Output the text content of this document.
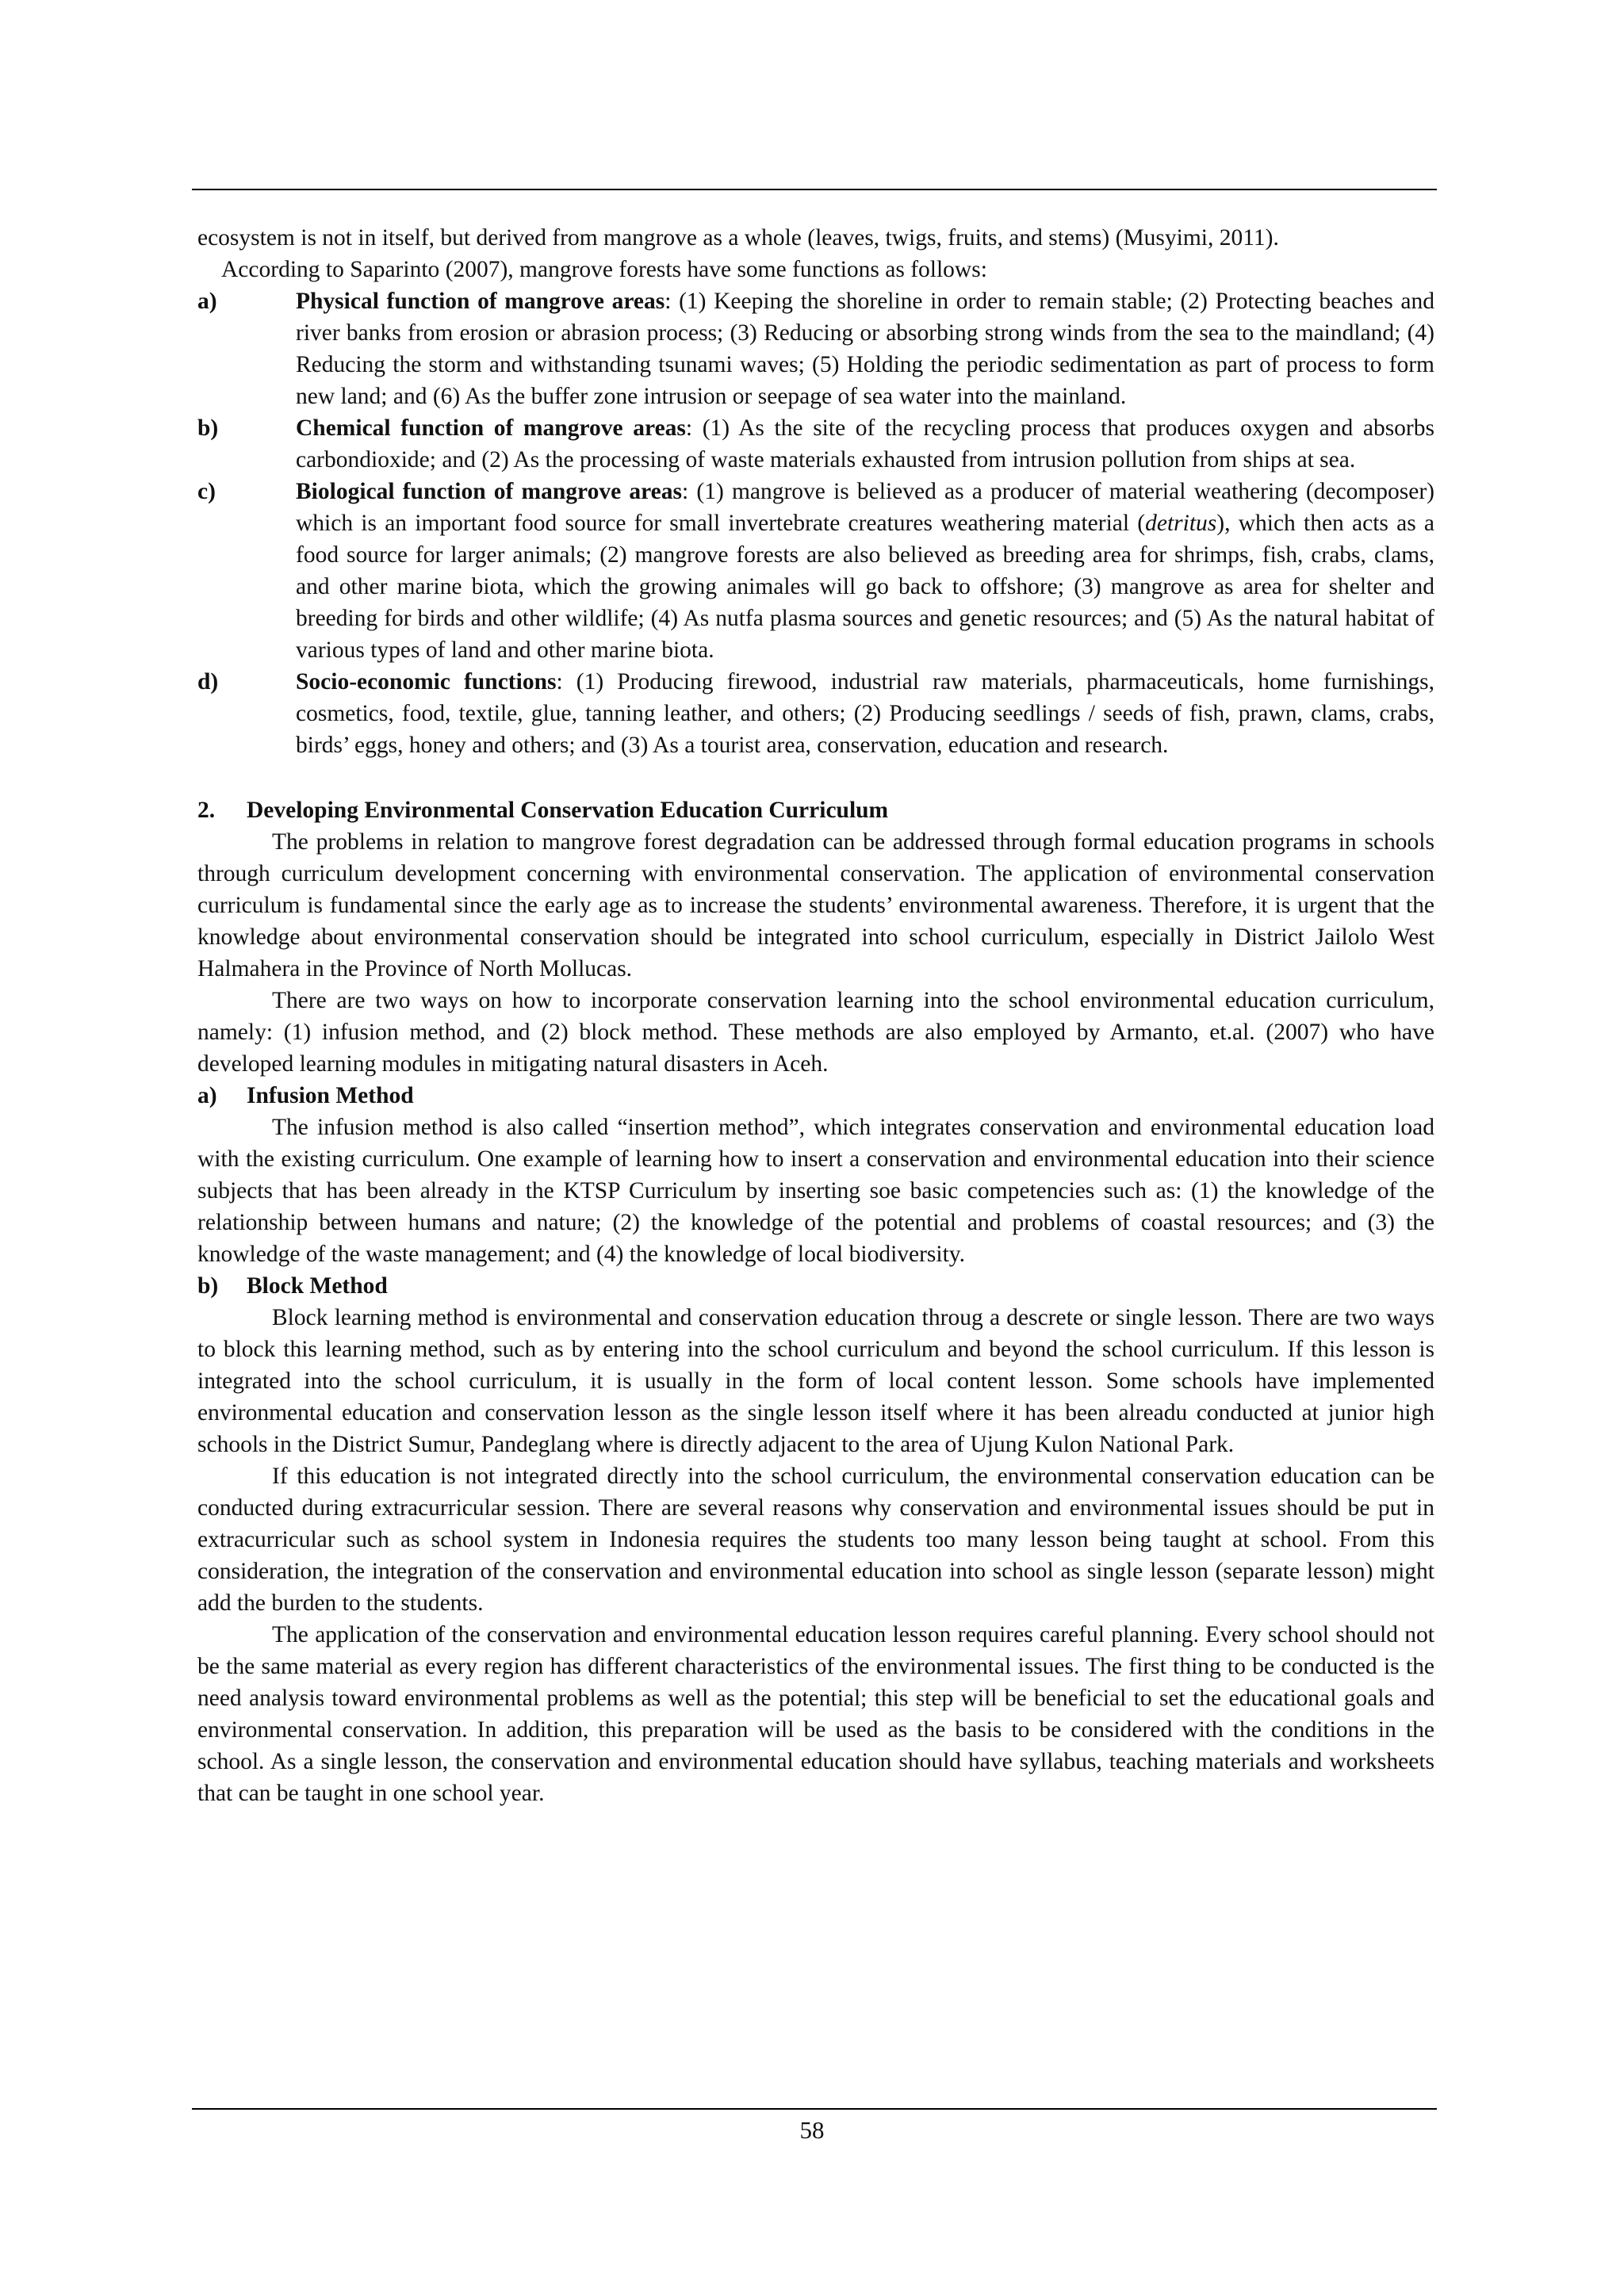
ecosystem is not in itself, but derived from mangrove as a whole (leaves, twigs, fruits, and stems) (Musyimi, 2011).

According to Saparinto (2007), mangrove forests have some functions as follows:

a)	Physical function of mangrove areas: (1) Keeping the shoreline in order to remain stable; (2) Protecting beaches and river banks from erosion or abrasion process; (3) Reducing or absorbing strong winds from the sea to the maindland; (4) Reducing the storm and withstanding tsunami waves; (5) Holding the periodic sedimentation as part of process to form new land; and (6) As the buffer zone intrusion or seepage of sea water into the mainland.
b)	Chemical function of mangrove areas: (1) As the site of the recycling process that produces oxygen and absorbs carbondioxide; and (2) As the processing of waste materials exhausted from intrusion pollution from ships at sea.
c)	Biological function of mangrove areas: (1) mangrove is believed as a producer of material weathering (decomposer) which is an important food source for small invertebrate creatures weathering material (detritus), which then acts as a food source for larger animals; (2) mangrove forests are also believed as breeding area for shrimps, fish, crabs, clams, and other marine biota, which the growing animales will go back to offshore; (3) mangrove as area for shelter and breeding for birds and other wildlife; (4) As nutfa plasma sources and genetic resources; and (5) As the natural habitat of various types of land and other marine biota.
d)	Socio-economic functions: (1) Producing firewood, industrial raw materials, pharmaceuticals, home furnishings, cosmetics, food, textile, glue, tanning leather, and others; (2) Producing seedlings / seeds of fish, prawn, clams, crabs, birds’ eggs, honey and others; and (3) As a tourist area, conservation, education and research.
2. Developing Environmental Conservation Education Curriculum

The problems in relation to mangrove forest degradation can be addressed through formal education programs in schools through curriculum development concerning with environmental conservation. The application of environmental conservation curriculum is fundamental since the early age as to increase the students’ environmental awareness. Therefore, it is urgent that the knowledge about environmental conservation should be integrated into school curriculum, especially in District Jailolo West Halmahera in the Province of North Mollucas.

There are two ways on how to incorporate conservation learning into the school environmental education curriculum, namely: (1) infusion method, and (2) block method. These methods are also employed by Armanto, et.al. (2007) who have developed learning modules in mitigating natural disasters in Aceh.

a) Infusion Method

The infusion method is also called “insertion method”, which integrates conservation and environmental education load with the existing curriculum. One example of learning how to insert a conservation and environmental education into their science subjects that has been already in the KTSP Curriculum by inserting soe basic competencies such as: (1) the knowledge of the relationship between humans and nature; (2) the knowledge of the potential and problems of coastal resources; and (3) the knowledge of the waste management; and (4) the knowledge of local biodiversity.

b) Block Method

Block learning method is environmental and conservation education throug a descrete or single lesson. There are two ways to block this learning method, such as by entering into the school curriculum and beyond the school curriculum. If this lesson is integrated into the school curriculum, it is usually in the form of local content lesson. Some schools have implemented environmental education and conservation lesson as the single lesson itself where it has been alreadu conducted at junior high schools in the District Sumur, Pandeglang where is directly adjacent to the area of Ujung Kulon National Park.

If this education is not integrated directly into the school curriculum, the environmental conservation education can be conducted during extracurricular session. There are several reasons why conservation and environmental issues should be put in extracurricular such as school system in Indonesia requires the students too many lesson being taught at school. From this consideration, the integration of the conservation and environmental education into school as single lesson (separate lesson) might add the burden to the students.

The application of the conservation and environmental education lesson requires careful planning. Every school should not be the same material as every region has different characteristics of the environmental issues. The first thing to be conducted is the need analysis toward environmental problems as well as the potential; this step will be beneficial to set the educational goals and environmental conservation. In addition, this preparation will be used as the basis to be considered with the conditions in the school. As a single lesson, the conservation and environmental education should have syllabus, teaching materials and worksheets that can be taught in one school year.

58
